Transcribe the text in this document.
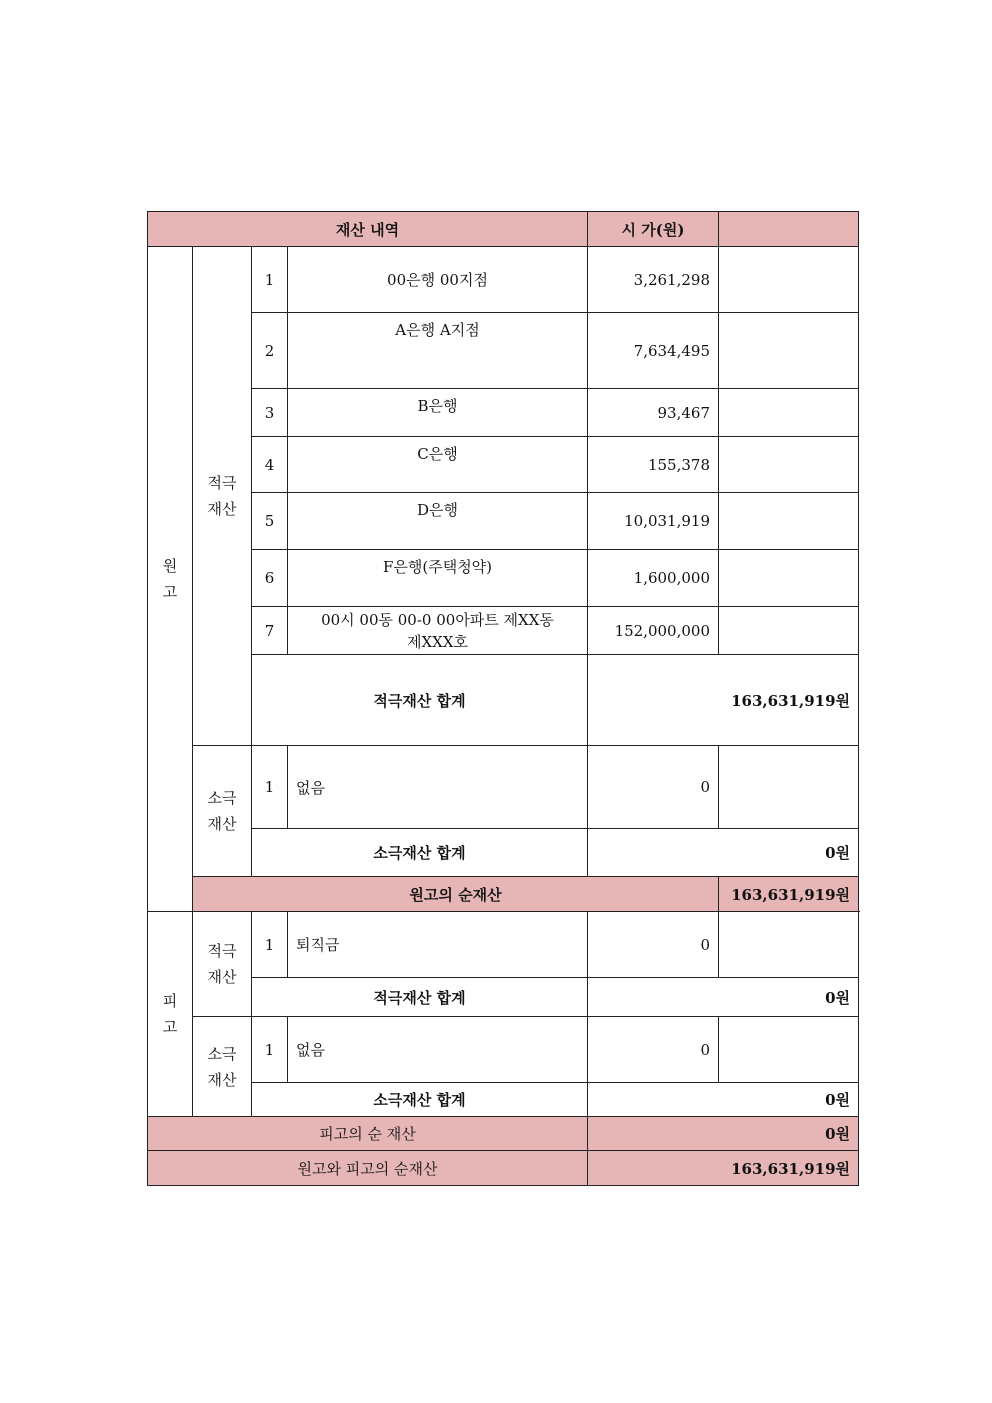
재산 내역				시 가(원)	

원
고	적극
재산	1	00은행 00지점	3,261,298	
		2	A은행 A지점	7,634,495	
		3	B은행	93,467	
		4	C은행	155,378	
		5	D은행	10,031,919	
		6	F은행(주택청약)	1,600,000	
		7	00시 00동 00-0 00아파트 제XX동
제XXX호	152,000,000	
		적극재산 합계		163,631,919원	

	소극
재산	1	없음	0	
		소극재산 합계		0원	
	원고의 순재산				163,631,919원
피
고	적극
재산	1	퇴직금	0	
		적극재산 합계		0원	

	소극
재산	1	없음	0	
		소극재산 합계		0원	
피고의 순 재산				0원	
원고와 피고의 순재산				163,631,919원	
